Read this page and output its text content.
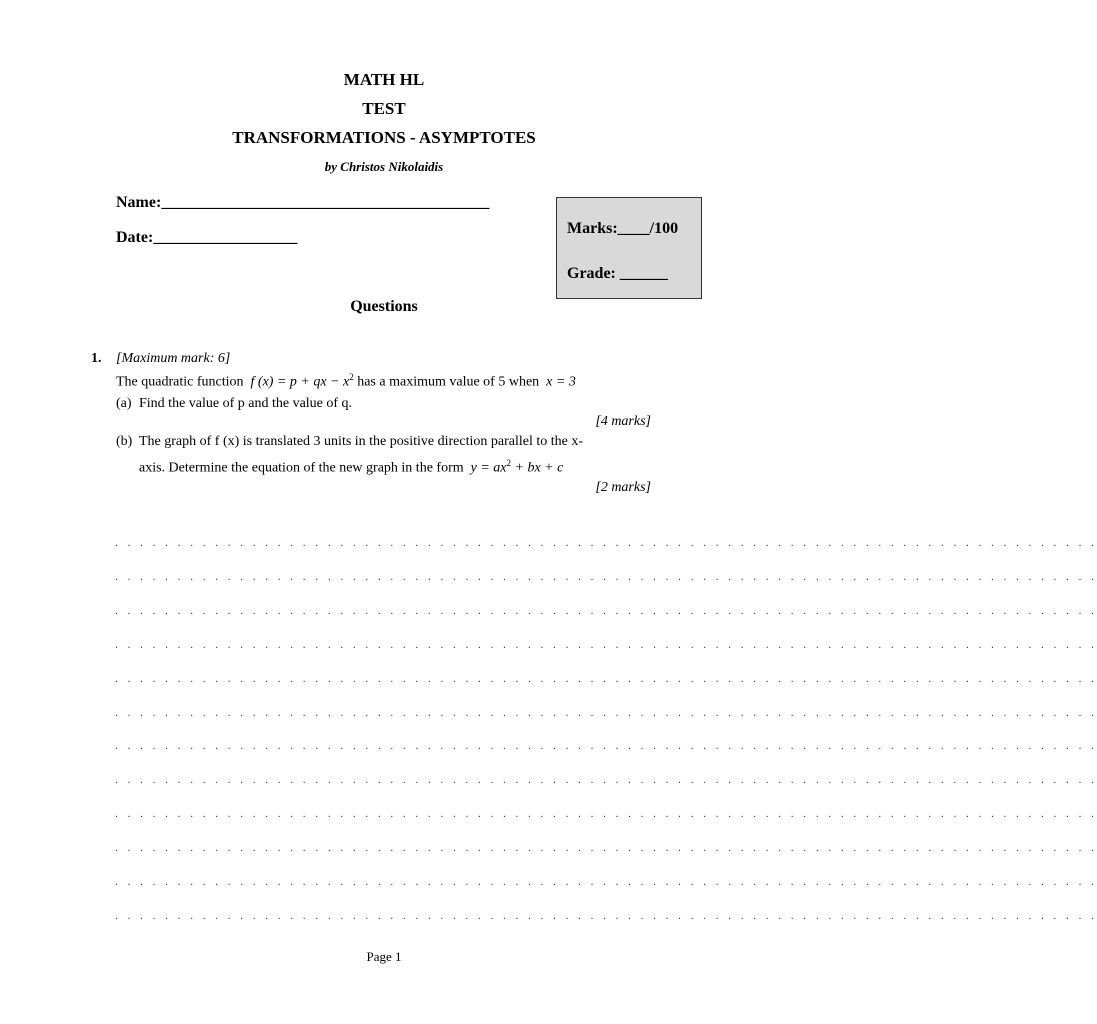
MATH HL
TEST
TRANSFORMATIONS - ASYMPTOTES
by Christos Nikolaidis
Name:_________________________________________
Date:__________________
Marks:____/100
Grade: ______
Questions
1. [Maximum mark: 6]
The quadratic function f (x) = p + qx − $x^2$ has a maximum value of 5 when x = 3
(a) Find the value of p and the value of q.
[4 marks]
(b) The graph of f (x) is translated 3 units in the positive direction parallel to the x-
axis. Determine the equation of the new graph in the form $y = ax^2$ + bx + c
[2 marks]
. . . . . . . . . . . . . . . . . . . . . . . . . . . . . . . . . . . . . . . . . . . . . . . . . . . . . . . . . . . . . . . . . . . . . . . . . . . . . . .
. . . . . . . . . . . . . . . . . . . . . . . . . . . . . . . . . . . . . . . . . . . . . . . . . . . . . . . . . . . . . . . . . . . . . . . . . . . . . . .
. . . . . . . . . . . . . . . . . . . . . . . . . . . . . . . . . . . . . . . . . . . . . . . . . . . . . . . . . . . . . . . . . . . . . . . . . . . . . . .
. . . . . . . . . . . . . . . . . . . . . . . . . . . . . . . . . . . . . . . . . . . . . . . . . . . . . . . . . . . . . . . . . . . . . . . . . . . . . . .
. . . . . . . . . . . . . . . . . . . . . . . . . . . . . . . . . . . . . . . . . . . . . . . . . . . . . . . . . . . . . . . . . . . . . . . . . . . . . . .
. . . . . . . . . . . . . . . . . . . . . . . . . . . . . . . . . . . . . . . . . . . . . . . . . . . . . . . . . . . . . . . . . . . . . . . . . . . . . . .
. . . . . . . . . . . . . . . . . . . . . . . . . . . . . . . . . . . . . . . . . . . . . . . . . . . . . . . . . . . . . . . . . . . . . . . . . . . . . . .
. . . . . . . . . . . . . . . . . . . . . . . . . . . . . . . . . . . . . . . . . . . . . . . . . . . . . . . . . . . . . . . . . . . . . . . . . . . . . . .
. . . . . . . . . . . . . . . . . . . . . . . . . . . . . . . . . . . . . . . . . . . . . . . . . . . . . . . . . . . . . . . . . . . . . . . . . . . . . . .
. . . . . . . . . . . . . . . . . . . . . . . . . . . . . . . . . . . . . . . . . . . . . . . . . . . . . . . . . . . . . . . . . . . . . . . . . . . . . . .
. . . . . . . . . . . . . . . . . . . . . . . . . . . . . . . . . . . . . . . . . . . . . . . . . . . . . . . . . . . . . . . . . . . . . . . . . . . . . . .
. . . . . . . . . . . . . . . . . . . . . . . . . . . . . . . . . . . . . . . . . . . . . . . . . . . . . . . . . . . . . . . . . . . . . . . . . . . . . . .
Page 1
